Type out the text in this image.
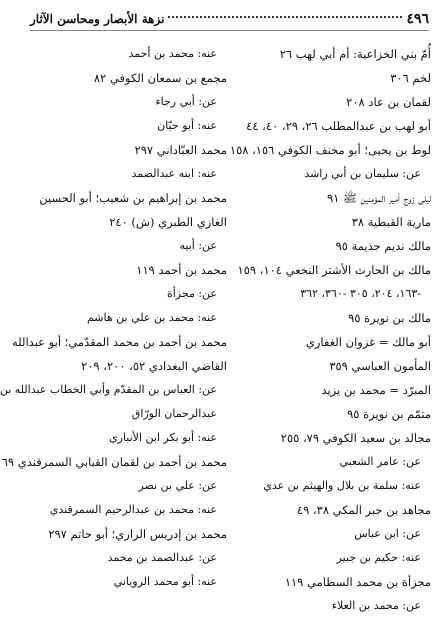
٤٩٦
نزهة الأبصار ومحاسن الآثار
أُمّ بني الخزاعية: أم أبي لهب ٢٦
لخم ٣٠٦
لقمان بن عاد ٢٠٨
أبو لهب بن عبدالمطلب ٢٦، ٢٩، ٤٠، ٤٤
لوط بن يحيى؛ أبو مخنف الكوفي ١٥٦، ١٥٨
عن: سليمان بن أبي راشد
ليلى زوج أمير المؤمنين ﷺ ٩١
مارية القبطية ٣٨
مالك نديم جذيمة ٩٥
مالك بن الحارث الأشتر النخعي ١٠٤، ١٥٩
-١٦٣، ٢٠٤، ٣٠٥ -٣٦٠، ٣٦٢
مالك بن نويرة ٩٥
أبو مالك = غزوان الغفاري
المأمون العباسي ٣٥٩
المبرّد = محمد بن يزيد
متمّم بن نويرة ٩٥
مجالد بن سعيد الكوفي ٧٩، ٢٥٥
عن: عامر الشعبي
عنه: سلمة بن بلال والهيثم بن عدي
مجاهد بن جبر المكي ٣٨، ٤٩
عن: ابن عباس
عنه: حكيم بن جبير
مجزأة بن محمد السطامي ١١٩
عن: محمد بن العلاء
عنه: محمد بن أحمد
مجمع بن سمعان الكوفي ٨٢
عن: أبي رجاء
عنه: أبو حيّان
محمد العبّاداني ٢٩٧
عنه: ابنه عبدالصمد
محمد بن إبراهيم بن شعيب؛ أبو الحسين
الغازي الطبري (ش) ٢٤٠
عن: أبيه
محمد بن أحمد ١١٩
عن: مجزأة
عنه: محمد بن علي بن هاشم
محمد بن أحمد بن محمد المقدّمي؛ أبو عبدالله
القاضي البغدادي ٥٢، ٢٠٠، ٢٠٩
عن: العباس بن المقدّم وأبي الخطاب عبدالله بن
عبدالرحمان الورّاق
عنه: أبو بكر ابن الأنباري
محمد بن أحمد بن لقمان القبابي السمرقندي ٦٩
عن: علي بن نصر
عنه: محمد بن عبدالرحيم السمرقندي
محمد بن إدريس الرازي؛ أبو حاتم ٢٩٧
عن: عبدالصمد بن محمد
عنه: أبو محمد الروياني
